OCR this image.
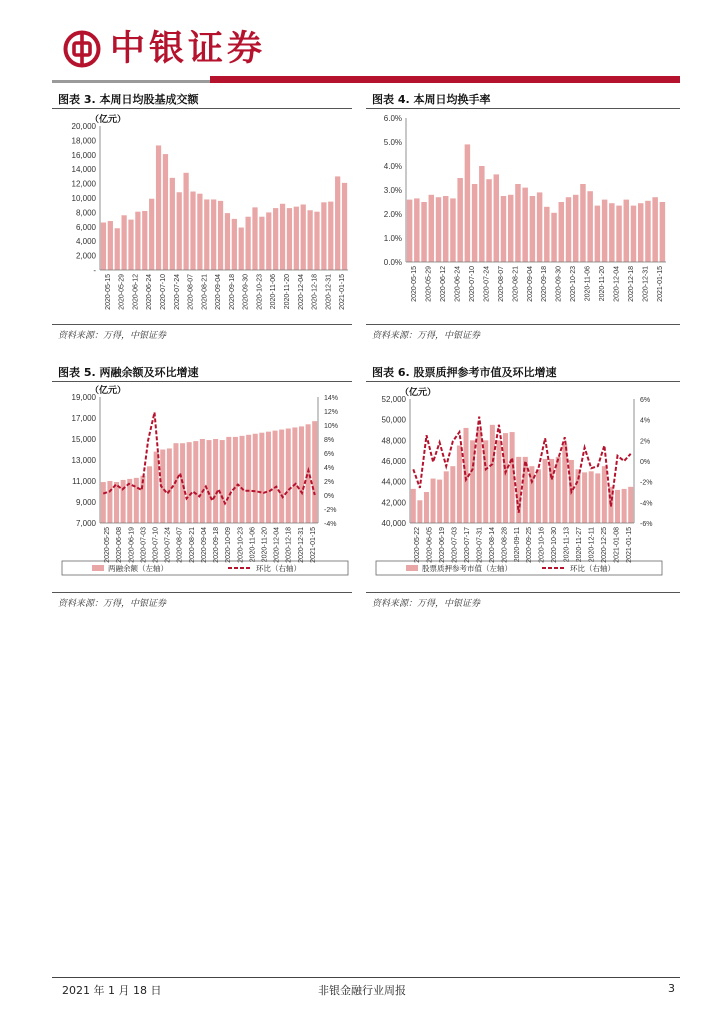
中银证券
图表 3. 本周日均股基成交额	图表 4. 本周日均换手率
-
2,000
4,000
6,000
8,000
10,000
12,000
14,000
16,000
18,000
20,000
（亿元）
2020-05-15 2020-05-29 2020-06-12 2020-06-24 2020-07-10 2020-07-24 2020-08-07 2020-08-21 2020-09-04 2020-09-18 2020-09-30 2020-10-23 2020-11-06 2020-11-20 2020-12-04 2020-12-18 2020-12-31 2021-01-15
0.0%
1.0%
2.0%
3.0%
4.0%
5.0%
6.0%
2020-05-15 2020-05-29 2020-06-12 2020-06-24 2020-07-10 2020-07-24 2020-08-07 2020-08-21 2020-09-04 2020-09-18 2020-09-30 2020-10-23 2020-11-06 2020-11-20 2020-12-04 2020-12-18 2020-12-31 2021-01-15
资料来源：万得，中银证券	资料来源：万得，中银证券
图表 5. 两融余额及环比增速	图表 6. 股票质押参考市值及环比增速
7,000
9,000
11,000
13,000
15,000
17,000
19,000
（亿元）
2020-05-25 2020-06-08 2020-06-19 2020-07-03 2020-07-10 2020-07-24 2020-08-07 2020-08-21 2020-09-04 2020-09-18 2020-10-09 2020-10-23 2020-11-06 2020-11-20 2020-12-04 2020-12-18 2020-12-31 2021-01-15
-4%
-2%
0%
2%
4%
6%
8%
10%
12%
14%
两融余额（左轴）	环比（右轴）
40,000
42,000
44,000
46,000
48,000
50,000
52,000
（亿元）
2020-05-22 2020-06-05 2020-06-19 2020-07-03 2020-07-17 2020-07-31 2020-08-14 2020-08-28 2020-09-11 2020-09-25 2020-10-16 2020-10-30 2020-11-13 2020-11-27 2020-12-11 2020-12-25 2021-01-08 2021-01-15
-6%
-4%
-2%
0%
2%
4%
6%
股票质押参考市值（左轴）	环比（右轴）
资料来源：万得，中银证券	资料来源：万得，中银证券
2021 年 1 月 18 日	非银金融行业周报	3
